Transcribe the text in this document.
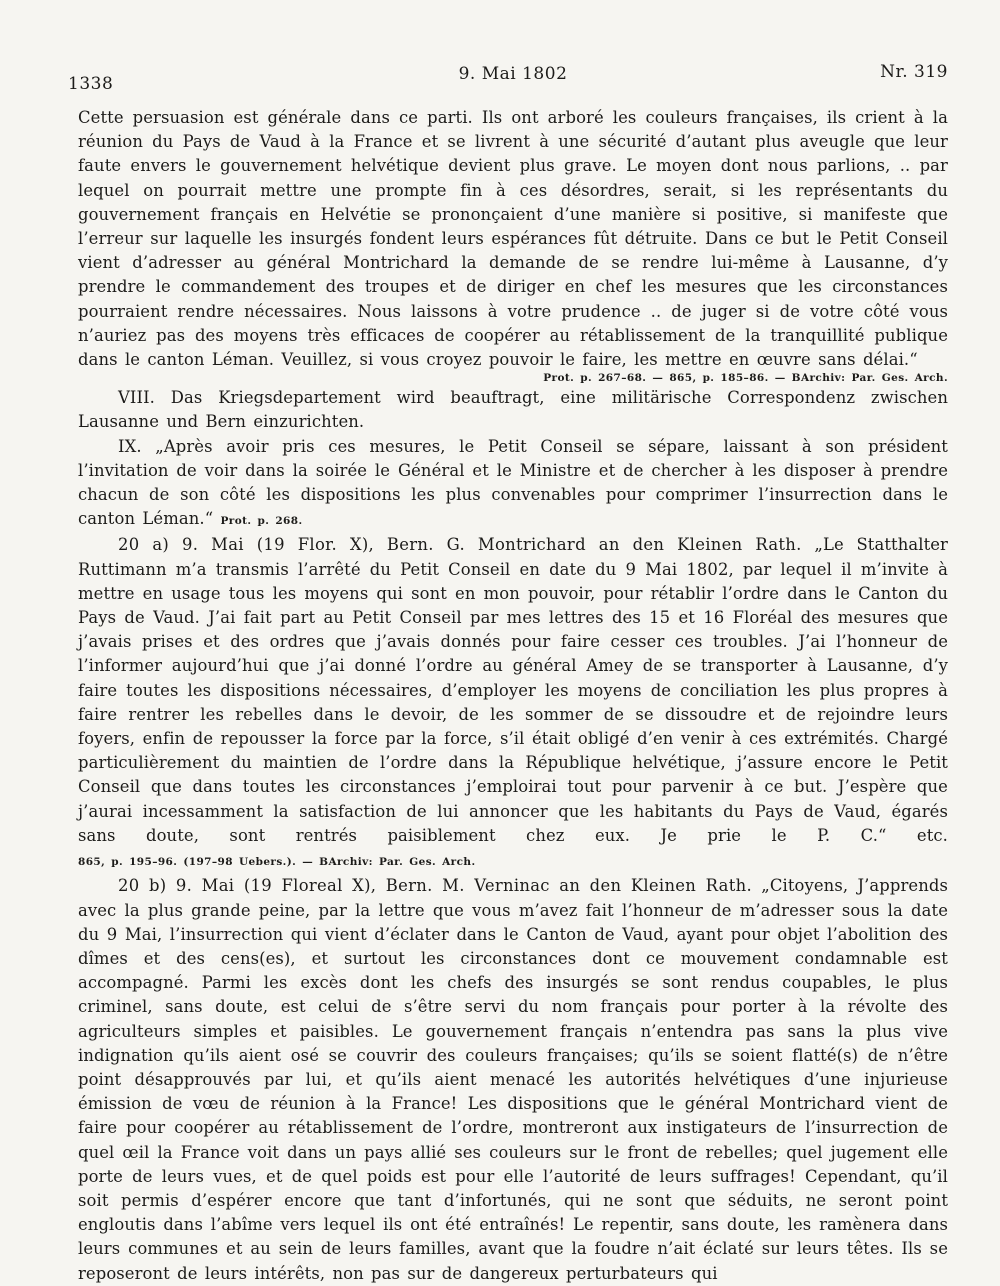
1338	9. Mai 1802	Nr. 319

Cette persuasion est générale dans ce parti. Ils ont arboré les couleurs françaises, ils crient à la réunion du Pays de Vaud à la France et se livrent à une sécurité d’autant plus aveugle que leur faute envers le gouvernement helvétique devient plus grave. Le moyen dont nous parlions, .. par lequel on pourrait mettre une prompte fin à ces désordres, serait, si les représentants du gouvernement français en Helvétie se prononçaient d’une manière si positive, si manifeste que l’erreur sur laquelle les insurgés fondent leurs espérances fût détruite. Dans ce but le Petit Conseil vient d’adresser au général Montrichard la demande de se rendre lui-même à Lausanne, d’y prendre le commandement des troupes et de diriger en chef les mesures que les circonstances pourraient rendre nécessaires. Nous laissons à votre prudence .. de juger si de votre côté vous n’auriez pas des moyens très efficaces de coopérer au rétablissement de la tranquillité publique dans le canton Léman. Veuillez, si vous croyez pouvoir le faire, les mettre en œuvre sans délai.“
Prot. p. 267–68. — 865, p. 185–86. — BArchiv: Par. Ges. Arch.

VIII. Das Kriegsdepartement wird beauftragt, eine militärische Correspondenz zwischen Lausanne und Bern einzurichten.

IX. „Après avoir pris ces mesures, le Petit Conseil se sépare, laissant à son président l’invitation de voir dans la soirée le Général et le Ministre et de chercher à les disposer à prendre chacun de son côté les dispositions les plus convenables pour comprimer l’insurrection dans le canton Léman.“ Prot. p. 268.

20 a) 9. Mai (19 Flor. X), Bern. G. Montrichard an den Kleinen Rath. „Le Statthalter Ruttimann m’a transmis l’arrêté du Petit Conseil en date du 9 Mai 1802, par lequel il m’invite à mettre en usage tous les moyens qui sont en mon pouvoir, pour rétablir l’ordre dans le Canton du Pays de Vaud. J’ai fait part au Petit Conseil par mes lettres des 15 et 16 Floréal des mesures que j’avais prises et des ordres que j’avais donnés pour faire cesser ces troubles. J’ai l’honneur de l’informer aujourd’hui que j’ai donné l’ordre au général Amey de se transporter à Lausanne, d’y faire toutes les dispositions nécessaires, d’employer les moyens de conciliation les plus propres à faire rentrer les rebelles dans le devoir, de les sommer de se dissoudre et de rejoindre leurs foyers, enfin de repousser la force par la force, s’il était obligé d’en venir à ces extrémités. Chargé particulièrement du maintien de l’ordre dans la République helvétique, j’assure encore le Petit Conseil que dans toutes les circonstances j’emploirai tout pour parvenir à ce but. J’espère que j’aurai incessamment la satisfaction de lui annoncer que les habitants du Pays de Vaud, égarés sans doute, sont rentrés paisiblement chez eux. Je prie le P. C.“ etc. 865, p. 195–96. (197–98 Uebers.). — BArchiv: Par. Ges. Arch.

20 b) 9. Mai (19 Floreal X), Bern. M. Verninac an den Kleinen Rath. „Citoyens, J’apprends avec la plus grande peine, par la lettre que vous m’avez fait l’honneur de m’adresser sous la date du 9 Mai, l’insurrection qui vient d’éclater dans le Canton de Vaud, ayant pour objet l’abolition des dîmes et des cens(es), et surtout les circonstances dont ce mouvement condamnable est accompagné. Parmi les excès dont les chefs des insurgés se sont rendus coupables, le plus criminel, sans doute, est celui de s’être servi du nom français pour porter à la révolte des agriculteurs simples et paisibles. Le gouvernement français n’entendra pas sans la plus vive indignation qu’ils aient osé se couvrir des couleurs françaises; qu’ils se soient flatté(s) de n’être point désapprouvés par lui, et qu’ils aient menacé les autorités helvétiques d’une injurieuse émission de vœu de réunion à la France! Les dispositions que le général Montrichard vient de faire pour coopérer au rétablissement de l’ordre, montreront aux instigateurs de l’insurrection de quel œil la France voit dans un pays allié ses couleurs sur le front de rebelles; quel jugement elle porte de leurs vues, et de quel poids est pour elle l’autorité de leurs suffrages! Cependant, qu’il soit permis d’espérer encore que tant d’infortunés, qui ne sont que séduits, ne seront point engloutis dans l’abîme vers lequel ils ont été entraînés! Le repentir, sans doute, les ramènera dans leurs communes et au sein de leurs familles, avant que la foudre n’ait éclaté sur leurs têtes. Ils se reposeront de leurs intérêts, non pas sur de dangereux perturbateurs qui
